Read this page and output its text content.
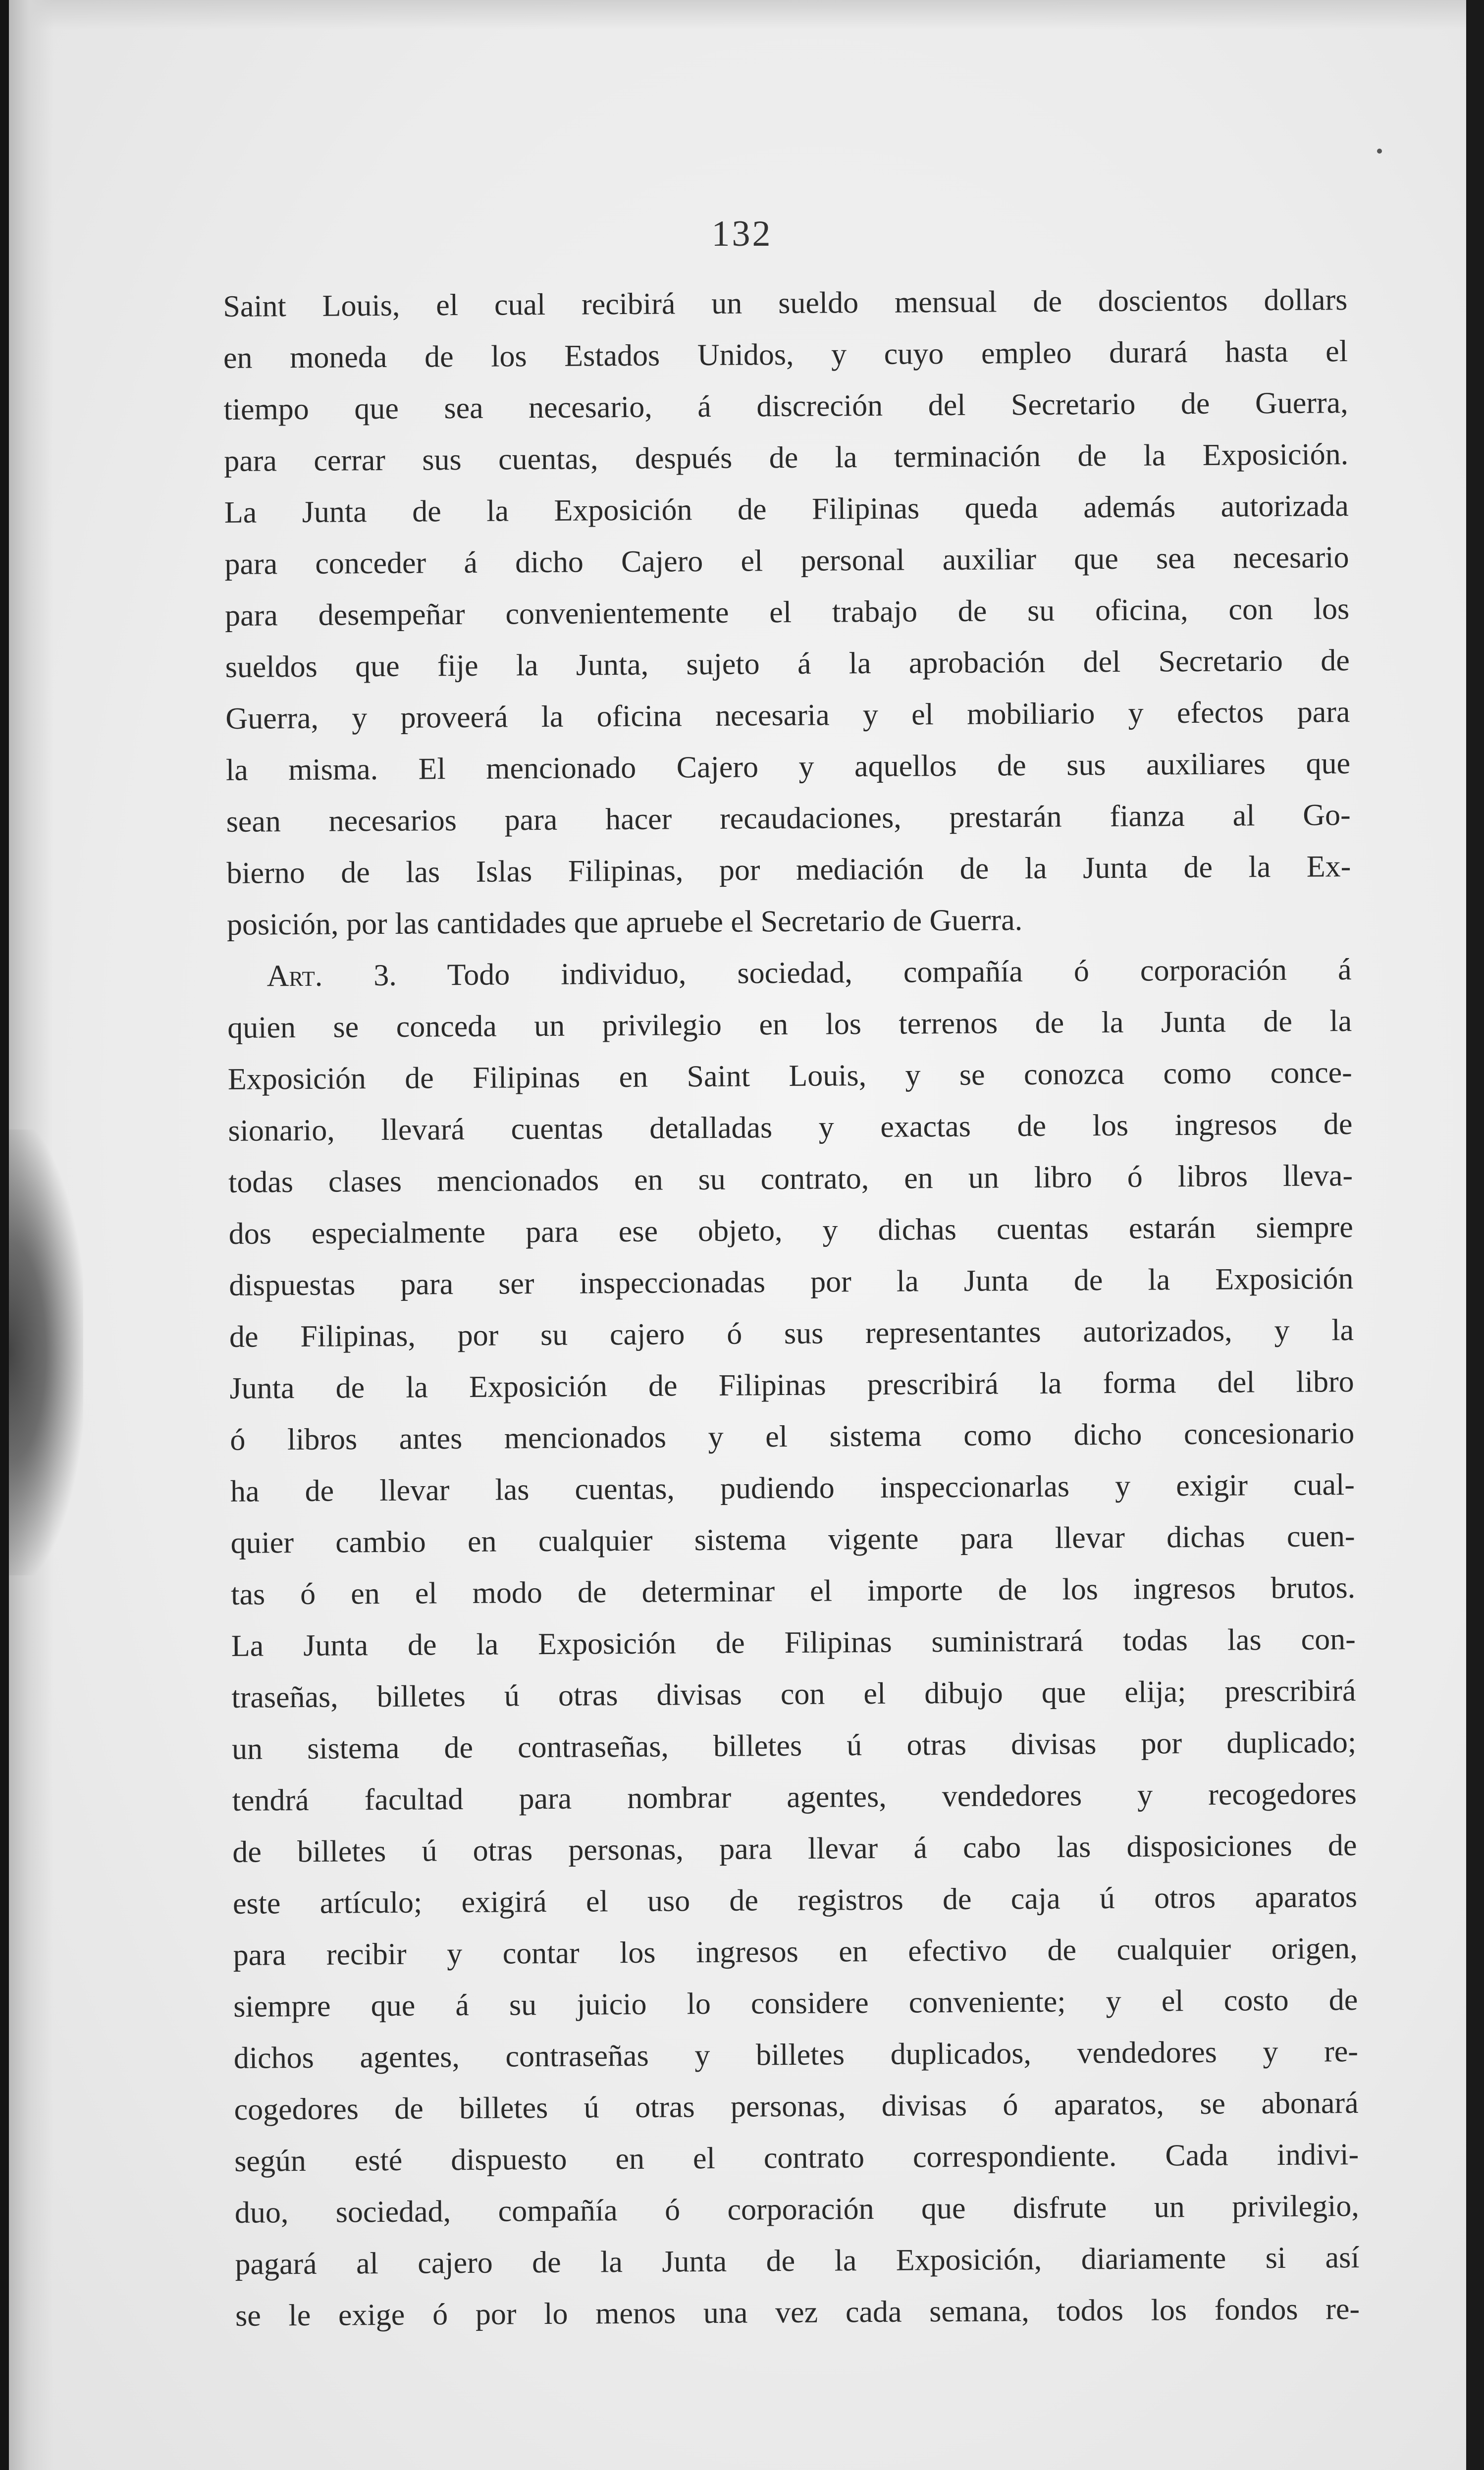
132
Saint Louis, el cual recibirá un sueldo mensual de doscientos dollars
en moneda de los Estados Unidos, y cuyo empleo durará hasta el
tiempo que sea necesario, á discreción del Secretario de Guerra,
para cerrar sus cuentas, después de la terminación de la Exposición.
La Junta de la Exposición de Filipinas queda además autorizada
para conceder á dicho Cajero el personal auxiliar que sea necesario
para desempeñar convenientemente el trabajo de su oficina, con los
sueldos que fije la Junta, sujeto á la aprobación del Secretario de
Guerra, y proveerá la oficina necesaria y el mobiliario y efectos para
la misma. El mencionado Cajero y aquellos de sus auxiliares que
sean necesarios para hacer recaudaciones, prestarán fianza al Go-
bierno de las Islas Filipinas, por mediación de la Junta de la Ex-
posición, por las cantidades que apruebe el Secretario de Guerra.
Art. 3. Todo individuo, sociedad, compañía ó corporación á
quien se conceda un privilegio en los terrenos de la Junta de la
Exposición de Filipinas en Saint Louis, y se conozca como conce-
sionario, llevará cuentas detalladas y exactas de los ingresos de
todas clases mencionados en su contrato, en un libro ó libros lleva-
dos especialmente para ese objeto, y dichas cuentas estarán siempre
dispuestas para ser inspeccionadas por la Junta de la Exposición
de Filipinas, por su cajero ó sus representantes autorizados, y la
Junta de la Exposición de Filipinas prescribirá la forma del libro
ó libros antes mencionados y el sistema como dicho concesionario
ha de llevar las cuentas, pudiendo inspeccionarlas y exigir cual-
quier cambio en cualquier sistema vigente para llevar dichas cuen-
tas ó en el modo de determinar el importe de los ingresos brutos.
La Junta de la Exposición de Filipinas suministrará todas las con-
traseñas, billetes ú otras divisas con el dibujo que elija; prescribirá
un sistema de contraseñas, billetes ú otras divisas por duplicado;
tendrá facultad para nombrar agentes, vendedores y recogedores
de billetes ú otras personas, para llevar á cabo las disposiciones de
este artículo; exigirá el uso de registros de caja ú otros aparatos
para recibir y contar los ingresos en efectivo de cualquier origen,
siempre que á su juicio lo considere conveniente; y el costo de
dichos agentes, contraseñas y billetes duplicados, vendedores y re-
cogedores de billetes ú otras personas, divisas ó aparatos, se abonará
según esté dispuesto en el contrato correspondiente. Cada indivi-
duo, sociedad, compañía ó corporación que disfrute un privilegio,
pagará al cajero de la Junta de la Exposición, diariamente si así
se le exige ó por lo menos una vez cada semana, todos los fondos re-
